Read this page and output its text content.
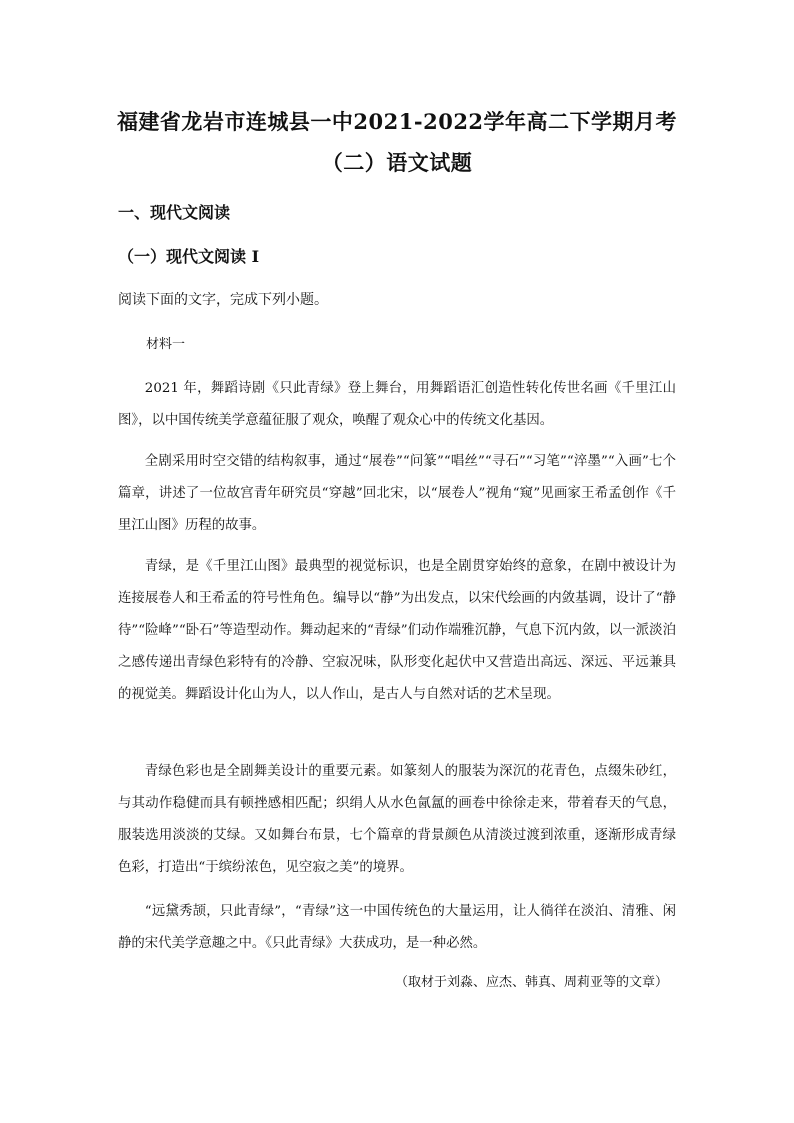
福建省龙岩市连城县一中2021-2022学年高二下学期月考
（二）语文试题
一、现代文阅读
（一）现代文阅读 I
阅读下面的文字，完成下列小题。
材料一

2021 年，舞蹈诗剧《只此青绿》登上舞台，用舞蹈语汇创造性转化传世名画《千里江山图》，以中国传统美学意蕴征服了观众，唤醒了观众心中的传统文化基因。

全剧采用时空交错的结构叙事，通过“展卷”“问篆”“唱丝”“寻石”“习笔”“淬墨”“入画”七个篇章，讲述了一位故宫青年研究员“穿越”回北宋，以“展卷人”视角“窥”见画家王希孟创作《千里江山图》历程的故事。

青绿，是《千里江山图》最典型的视觉标识，也是全剧贯穿始终的意象，在剧中被设计为连接展卷人和王希孟的符号性角色。编导以“静”为出发点，以宋代绘画的内敛基调，设计了“静待”“险峰”“卧石”等造型动作。舞动起来的“青绿”们动作端雅沉静，气息下沉内敛，以一派淡泊之感传递出青绿色彩特有的冷静、空寂况味，队形变化起伏中又营造出高远、深远、平远兼具的视觉美。舞蹈设计化山为人，以人作山，是古人与自然对话的艺术呈现。

青绿色彩也是全剧舞美设计的重要元素。如篆刻人的服装为深沉的花青色，点缀朱砂红，与其动作稳健而具有顿挫感相匹配；织绢人从水色氤氲的画卷中徐徐走来，带着春天的气息，服装选用淡淡的艾绿。又如舞台布景，七个篇章的背景颜色从清淡过渡到浓重，逐渐形成青绿色彩，打造出“于缤纷浓色，见空寂之美”的境界。

“远黛秀颉，只此青绿”，“青绿”这一中国传统色的大量运用，让人徜徉在淡泊、清雅、闲静的宋代美学意趣之中。《只此青绿》大获成功，是一种必然。

（取材于刘淼、应杰、韩真、周莉亚等的文章）
